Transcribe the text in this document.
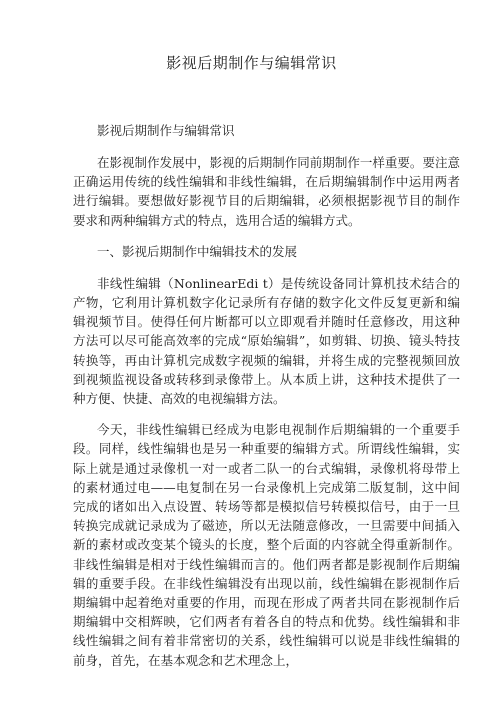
影视后期制作与编辑常识

影视后期制作与编辑常识

在影视制作发展中，影视的后期制作同前期制作一样重要。要注意正确运用传统的线性编辑和非线性编辑，在后期编辑制作中运用两者进行编辑。要想做好影视节目的后期编辑，必须根据影视节目的制作要求和两种编辑方式的特点，选用合适的编辑方式。

一、影视后期制作中编辑技术的发展

非线性编辑（NonlinearEdi t）是传统设备同计算机技术结合的产物，它利用计算机数字化记录所有存储的数字化文件反复更新和编辑视频节目。使得任何片断都可以立即观看并随时任意修改，用这种方法可以尽可能高效率的完成“原始编辑”，如剪辑、切换、镜头特技转换等，再由计算机完成数字视频的编辑，并将生成的完整视频回放到视频监视设备或转移到录像带上。从本质上讲，这种技术提供了一种方便、快捷、高效的电视编辑方法。

今天，非线性编辑已经成为电影电视制作后期编辑的一个重要手段。同样，线性编辑也是另一种重要的编辑方式。所谓线性编辑，实际上就是通过录像机一对一或者二队一的台式编辑，录像机将母带上的素材通过电——电复制在另一台录像机上完成第二版复制，这中间完成的诸如出入点设置、转场等都是模拟信号转模拟信号，由于一旦转换完成就记录成为了磁迹，所以无法随意修改，一旦需要中间插入新的素材或改变某个镜头的长度，整个后面的内容就全得重新制作。非线性编辑是相对于线性编辑而言的。他们两者都是影视制作后期编辑的重要手段。在非线性编辑没有出现以前，线性编辑在影视制作后期编辑中起着绝对重要的作用，而现在形成了两者共同在影视制作后期编辑中交相辉映，它们两者有着各自的特点和优势。线性编辑和非线性编辑之间有着非常密切的关系，线性编辑可以说是非线性编辑的前身，首先，在基本观念和艺术理念上，
